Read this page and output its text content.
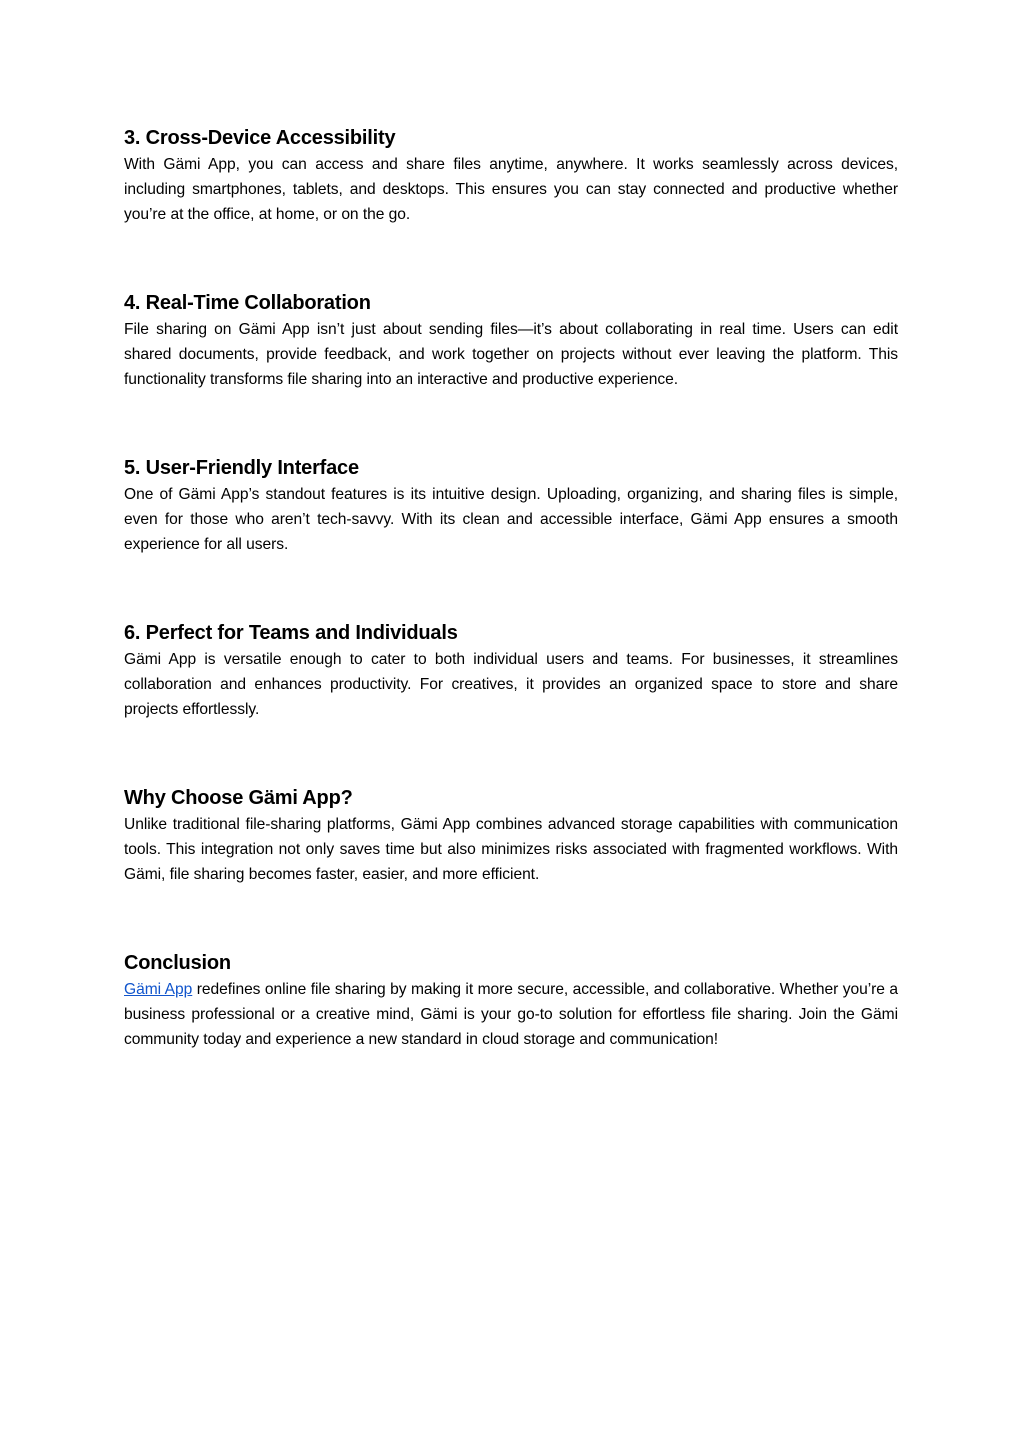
3. Cross-Device Accessibility

With Gämi App, you can access and share files anytime, anywhere. It works seamlessly across devices, including smartphones, tablets, and desktops. This ensures you can stay connected and productive whether you’re at the office, at home, or on the go.

4. Real-Time Collaboration

File sharing on Gämi App isn’t just about sending files—it’s about collaborating in real time. Users can edit shared documents, provide feedback, and work together on projects without ever leaving the platform. This functionality transforms file sharing into an interactive and productive experience.

5. User-Friendly Interface

One of Gämi App’s standout features is its intuitive design. Uploading, organizing, and sharing files is simple, even for those who aren’t tech-savvy. With its clean and accessible interface, Gämi App ensures a smooth experience for all users.

6. Perfect for Teams and Individuals

Gämi App is versatile enough to cater to both individual users and teams. For businesses, it streamlines collaboration and enhances productivity. For creatives, it provides an organized space to store and share projects effortlessly.

Why Choose Gämi App?

Unlike traditional file-sharing platforms, Gämi App combines advanced storage capabilities with communication tools. This integration not only saves time but also minimizes risks associated with fragmented workflows. With Gämi, file sharing becomes faster, easier, and more efficient.

Conclusion

Gämi App redefines online file sharing by making it more secure, accessible, and collaborative. Whether you’re a business professional or a creative mind, Gämi is your go-to solution for effortless file sharing. Join the Gämi community today and experience a new standard in cloud storage and communication!
